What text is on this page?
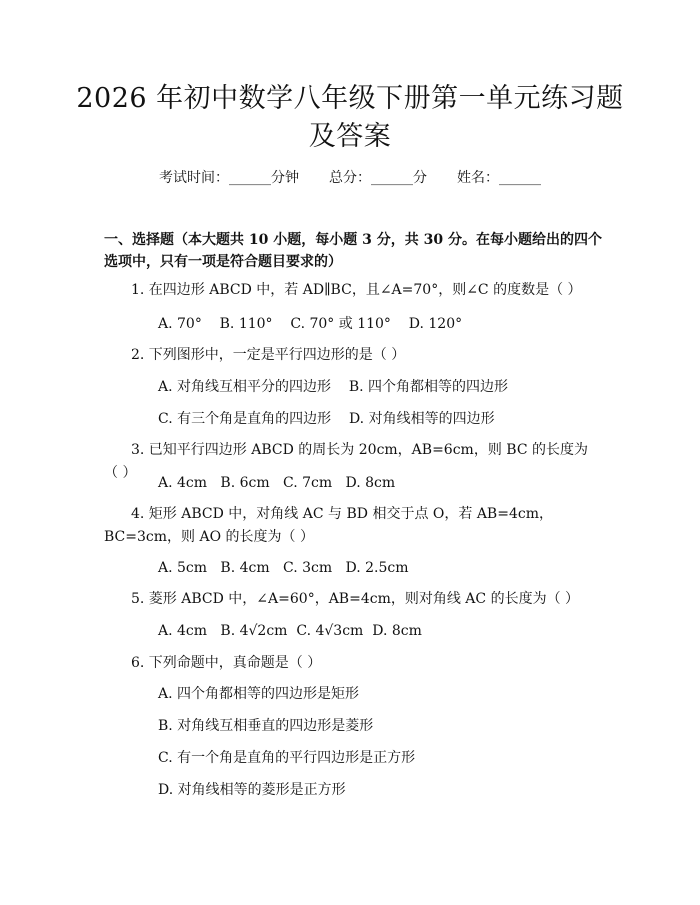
2026 年初中数学八年级下册第一单元练习题
及答案
考试时间：______分钟 总分：______分 姓名：______
一、选择题（本大题共 10 小题，每小题 3 分，共 30 分。在每小题给出的四个选项中，只有一项是符合题目要求的）
1. 在四边形 ABCD 中，若 AD∥BC，且∠A=70°，则∠C 的度数是（ ）
A. 70° B. 110° C. 70° 或 110° D. 120°
2. 下列图形中，一定是平行四边形的是（ ）
A. 对角线互相平分的四边形 B. 四个角都相等的四边形
C. 有三个角是直角的四边形 D. 对角线相等的四边形
3. 已知平行四边形 ABCD 的周长为 20cm，AB=6cm，则 BC 的长度为（ ）
A. 4cm B. 6cm C. 7cm D. 8cm
4. 矩形 ABCD 中，对角线 AC 与 BD 相交于点 O，若 AB=4cm，BC=3cm，则 AO 的长度为（ ）
A. 5cm B. 4cm C. 3cm D. 2.5cm
5. 菱形 ABCD 中，∠A=60°，AB=4cm，则对角线 AC 的长度为（ ）
A. 4cm B. 4√2cm C. 4√3cm D. 8cm
6. 下列命题中，真命题是（ ）
A. 四个角都相等的四边形是矩形
B. 对角线互相垂直的四边形是菱形
C. 有一个角是直角的平行四边形是正方形
D. 对角线相等的菱形是正方形
